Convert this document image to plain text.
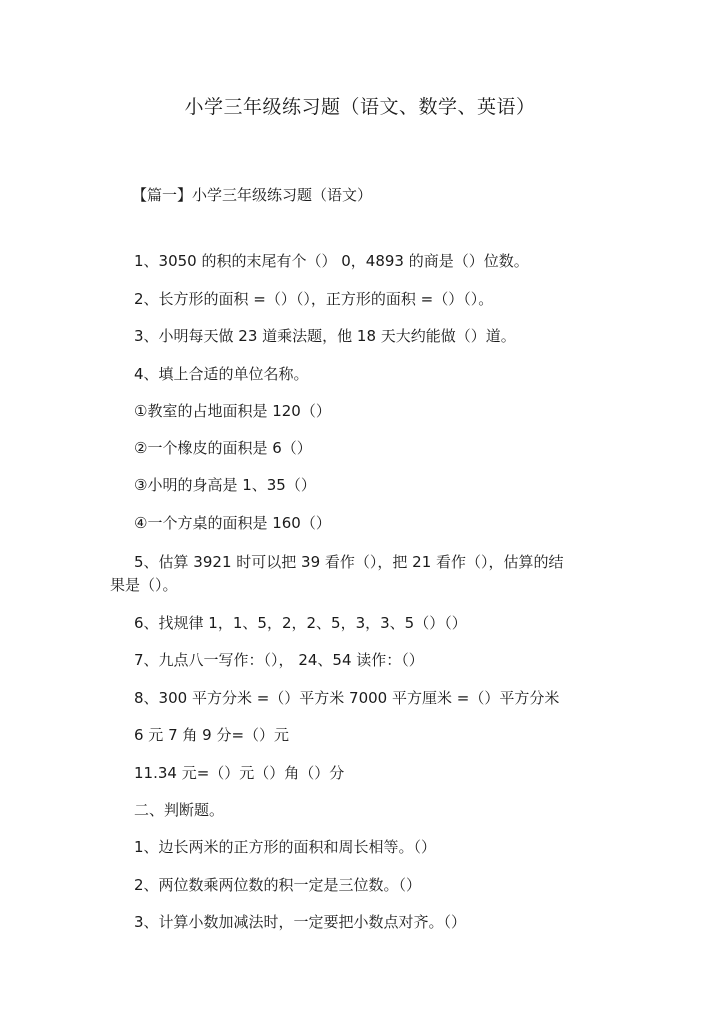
小学三年级练习题（语文、数学、英语）
【篇一】小学三年级练习题（语文）
1、3050 的积的末尾有个（） 0，4893 的商是（）位数。
2、长方形的面积 =（）（），正方形的面积 =（）（）。
3、小明每天做 23 道乘法题，他 18 天大约能做（）道。
4、填上合适的单位名称。
①教室的占地面积是 120（）
②一个橡皮的面积是 6（）
③小明的身高是 1、35（）
④一个方桌的面积是 160（）
5、估算 3921 时可以把 39 看作（），把 21 看作（），估算的结
果是（）。
6、找规律 1，1、5，2，2、5，3，3、5（）（）
7、九点八一写作：（）， 24、54 读作：（）
8、300 平方分米 =（）平方米 7000 平方厘米 =（）平方分米
6 元 7 角 9 分=（）元
11.34 元=（）元（）角（）分
二、判断题。
1、边长两米的正方形的面积和周长相等。（）
2、两位数乘两位数的积一定是三位数。（）
3、计算小数加减法时，一定要把小数点对齐。（）
